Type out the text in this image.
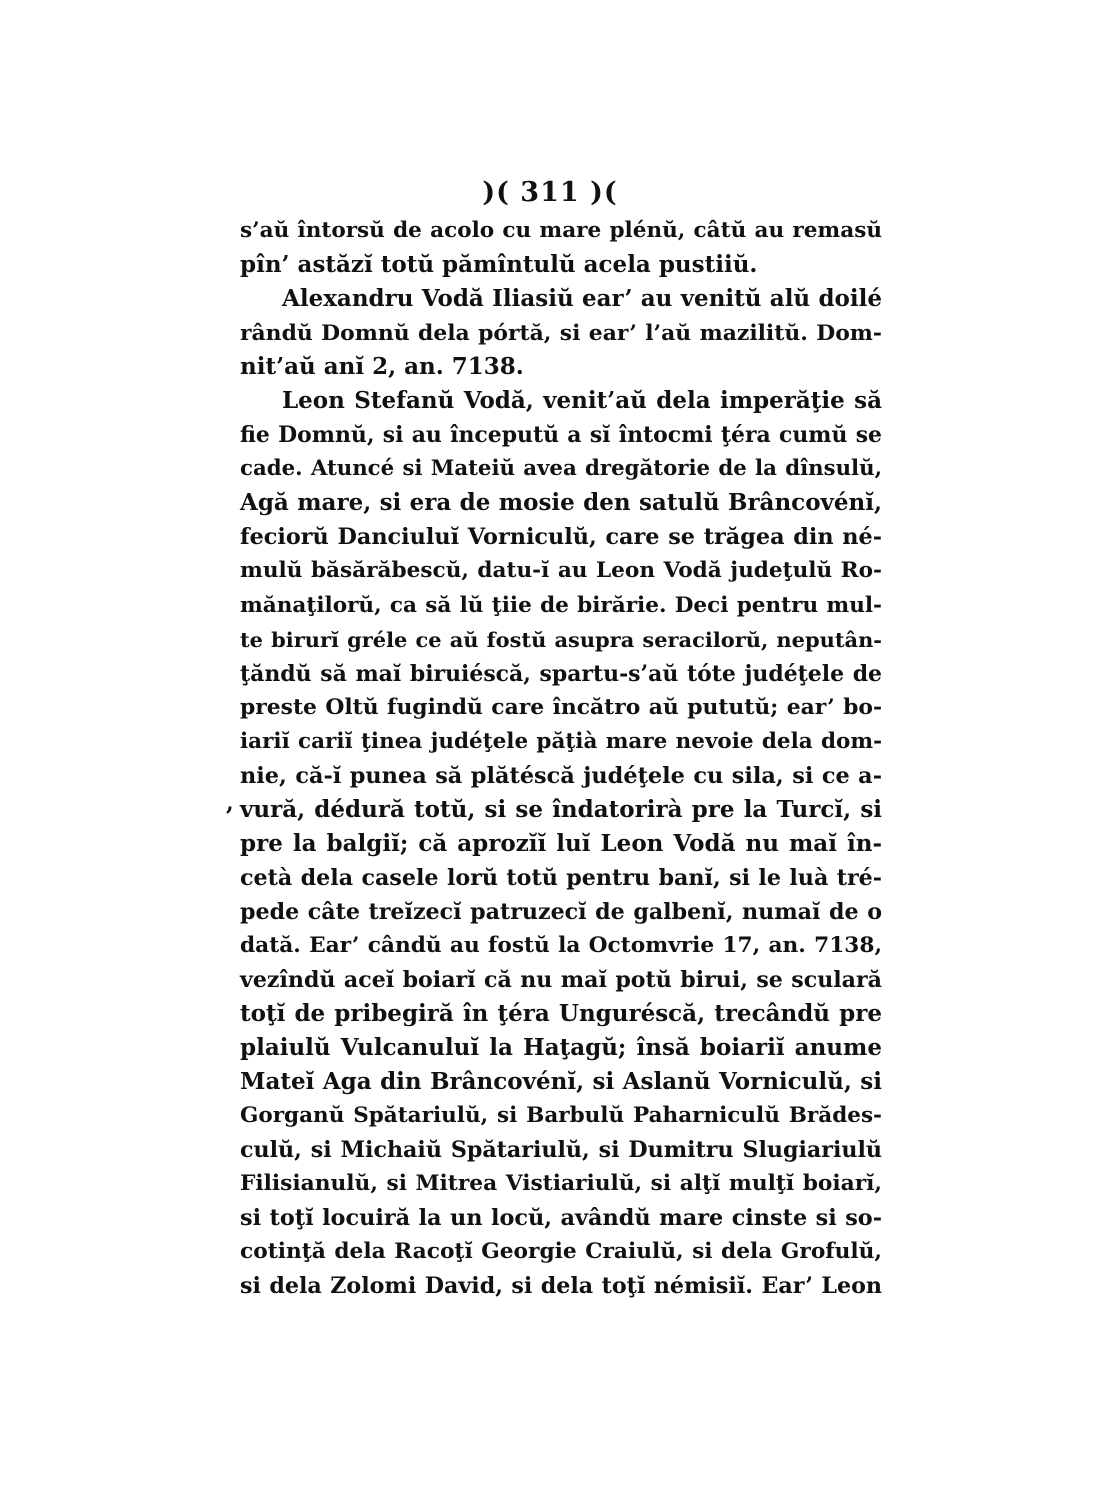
)( 311 )(
,
s’aŭ întorsŭ de acolo cu mare plénŭ, câtŭ au remasŭ
pîn’ astăzĭ totŭ pămîntulŭ acela pustiiŭ.
Alexandru Vodă Iliasiŭ ear’ au venitŭ alŭ doilé
rândŭ Domnŭ dela pórtă, si ear’ l’aŭ mazilitŭ. Dom-
nit’aŭ anĭ 2, an. 7138.
Leon Stefanŭ Vodă, venit’aŭ dela imperăţie să
fie Domnŭ, si au începutŭ a sĭ întocmi ţéra cumŭ se
cade. Atuncé si Mateiŭ avea dregătorie de la dînsulŭ,
Agă mare, si era de mosie den satulŭ Brâncovénĭ,
feciorŭ Danciuluĭ Vorniculŭ, care se trăgea din né-
mulŭ băsărăbescŭ, datu-ĭ au Leon Vodă judeţulŭ Ro-
mănaţilorŭ, ca să lŭ ţiie de birărie. Deci pentru mul-
te birurĭ gréle ce aŭ fostŭ asupra seracilorŭ, neputân-
ţăndŭ să maĭ biruiéscă, spartu-s’aŭ tóte judéţele de
preste Oltŭ fugindŭ care încătro aŭ pututŭ; ear’ bo-
iariĭ cariĭ ţinea judéţele păţià mare nevoie dela dom-
nie, că-ĭ punea să plătéscă judéţele cu sila, si ce a-
vură, dédură totŭ, si se îndatorirà pre la Turcĭ, si
pre la balgiĭ; că aprozĭĭ luĭ Leon Vodă nu maĭ în-
cetà dela casele lorŭ totŭ pentru banĭ, si le luà tré-
pede câte treĭzecĭ patruzecĭ de galbenĭ, numaĭ de o
dată. Ear’ cândŭ au fostŭ la Octomvrie 17, an. 7138,
vezîndŭ aceĭ boiarĭ că nu maĭ potŭ birui, se sculară
toţĭ de pribegiră în ţéra Ungurésсă, trecândŭ pre
plaiulŭ Vulcanuluĭ la Haţagŭ; însă boiariĭ anume
Mateĭ Aga din Brâncovénĭ, si Aslanŭ Vorniculŭ, si
Gorganŭ Spătariulŭ, si Barbulŭ Paharniculŭ Brădes-
culŭ, si Michaiŭ Spătariulŭ, si Dumitru Slugiariulŭ
Filisianulŭ, si Mitrea Vistiariulŭ, si alţĭ mulţĭ boiarĭ,
si toţĭ locuiră la un locŭ, avândŭ mare cinste si so-
cotinţă dela Racoţĭ Georgie Craiulŭ, si dela Grofulŭ,
si dela Zolomi David, si dela toţĭ némisiĭ. Ear’ Leon
